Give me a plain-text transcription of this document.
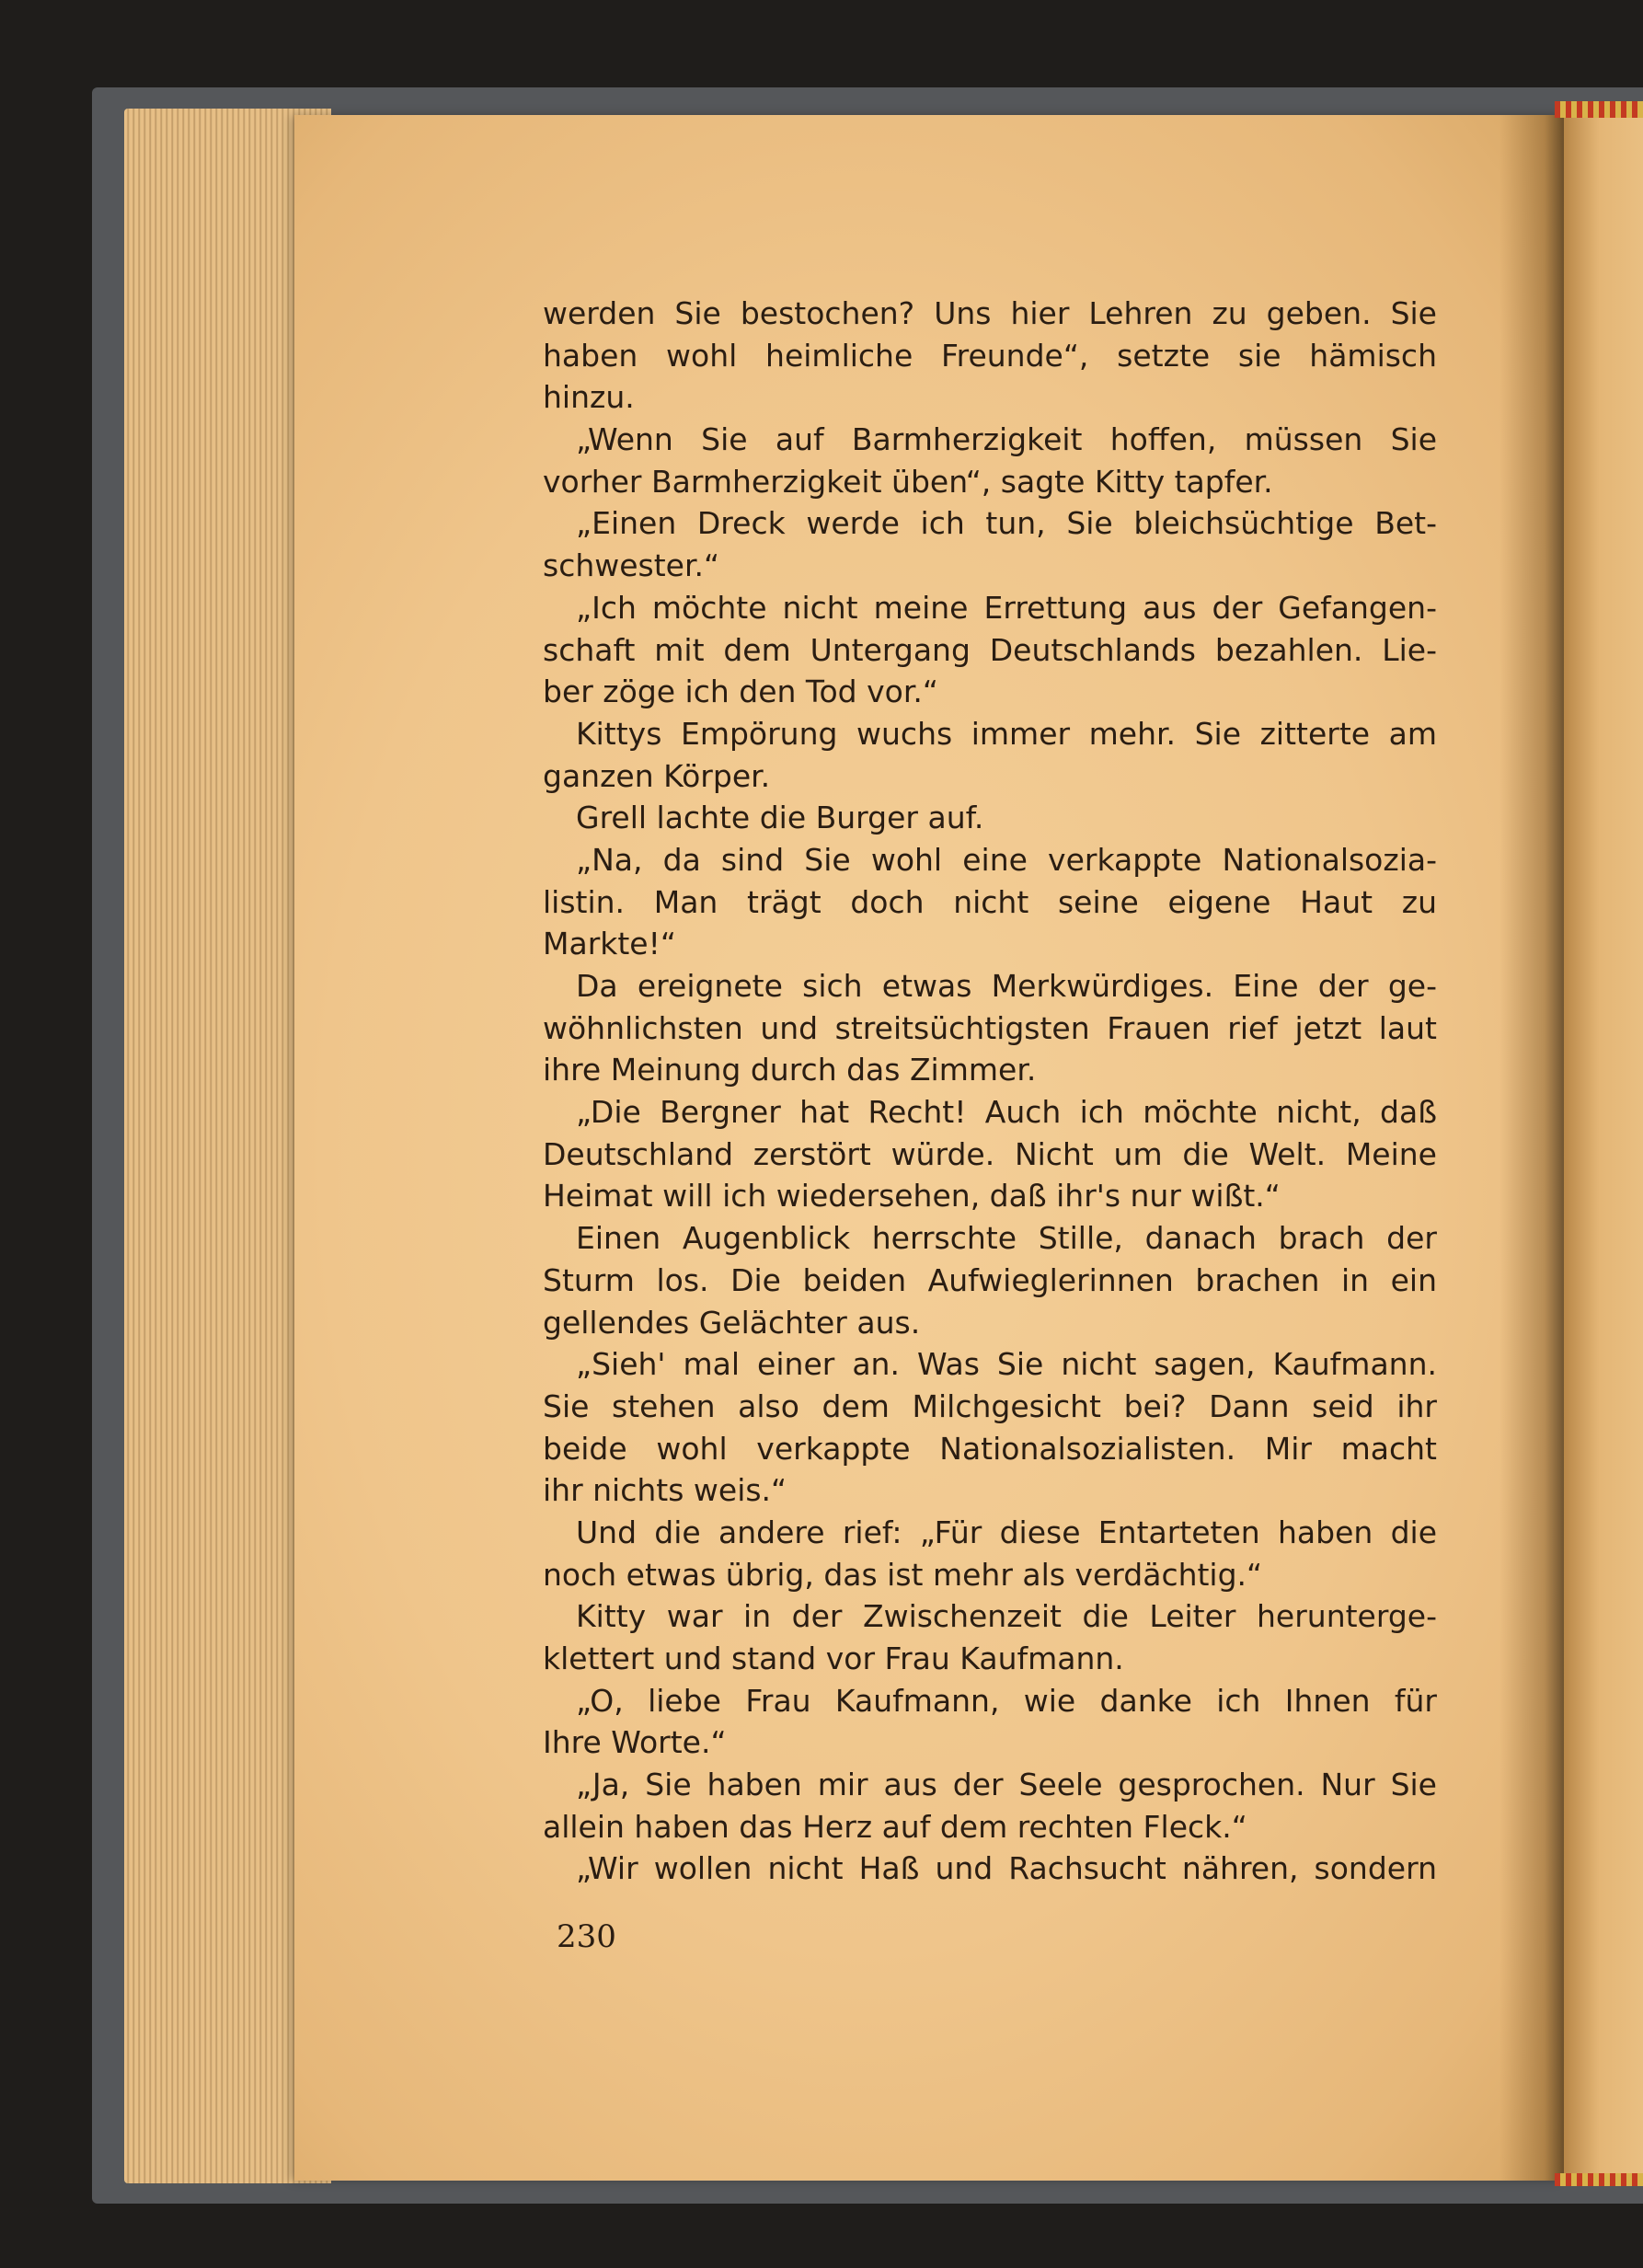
werden Sie bestochen? Uns hier Lehren zu geben. Sie
haben wohl heimliche Freunde“, setzte sie hämisch
hinzu.
„Wenn Sie auf Barmherzigkeit hoffen, müssen Sie
vorher Barmherzigkeit üben“, sagte Kitty tapfer.
„Einen Dreck werde ich tun, Sie bleichsüchtige Bet-
schwester.“
„Ich möchte nicht meine Errettung aus der Gefangen-
schaft mit dem Untergang Deutschlands bezahlen. Lie-
ber zöge ich den Tod vor.“
Kittys Empörung wuchs immer mehr. Sie zitterte am
ganzen Körper.
Grell lachte die Burger auf.
„Na, da sind Sie wohl eine verkappte Nationalsozia-
listin. Man trägt doch nicht seine eigene Haut zu
Markte!“
Da ereignete sich etwas Merkwürdiges. Eine der ge-
wöhnlichsten und streitsüchtigsten Frauen rief jetzt laut
ihre Meinung durch das Zimmer.
„Die Bergner hat Recht! Auch ich möchte nicht, daß
Deutschland zerstört würde. Nicht um die Welt. Meine
Heimat will ich wiedersehen, daß ihr's nur wißt.“
Einen Augenblick herrschte Stille, danach brach der
Sturm los. Die beiden Aufwieglerinnen brachen in ein
gellendes Gelächter aus.
„Sieh' mal einer an. Was Sie nicht sagen, Kaufmann.
Sie stehen also dem Milchgesicht bei? Dann seid ihr
beide wohl verkappte Nationalsozialisten. Mir macht
ihr nichts weis.“
Und die andere rief: „Für diese Entarteten haben die
noch etwas übrig, das ist mehr als verdächtig.“
Kitty war in der Zwischenzeit die Leiter herunterge-
klettert und stand vor Frau Kaufmann.
„O, liebe Frau Kaufmann, wie danke ich Ihnen für
Ihre Worte.“
„Ja, Sie haben mir aus der Seele gesprochen. Nur Sie
allein haben das Herz auf dem rechten Fleck.“
„Wir wollen nicht Haß und Rachsucht nähren, sondern
230
